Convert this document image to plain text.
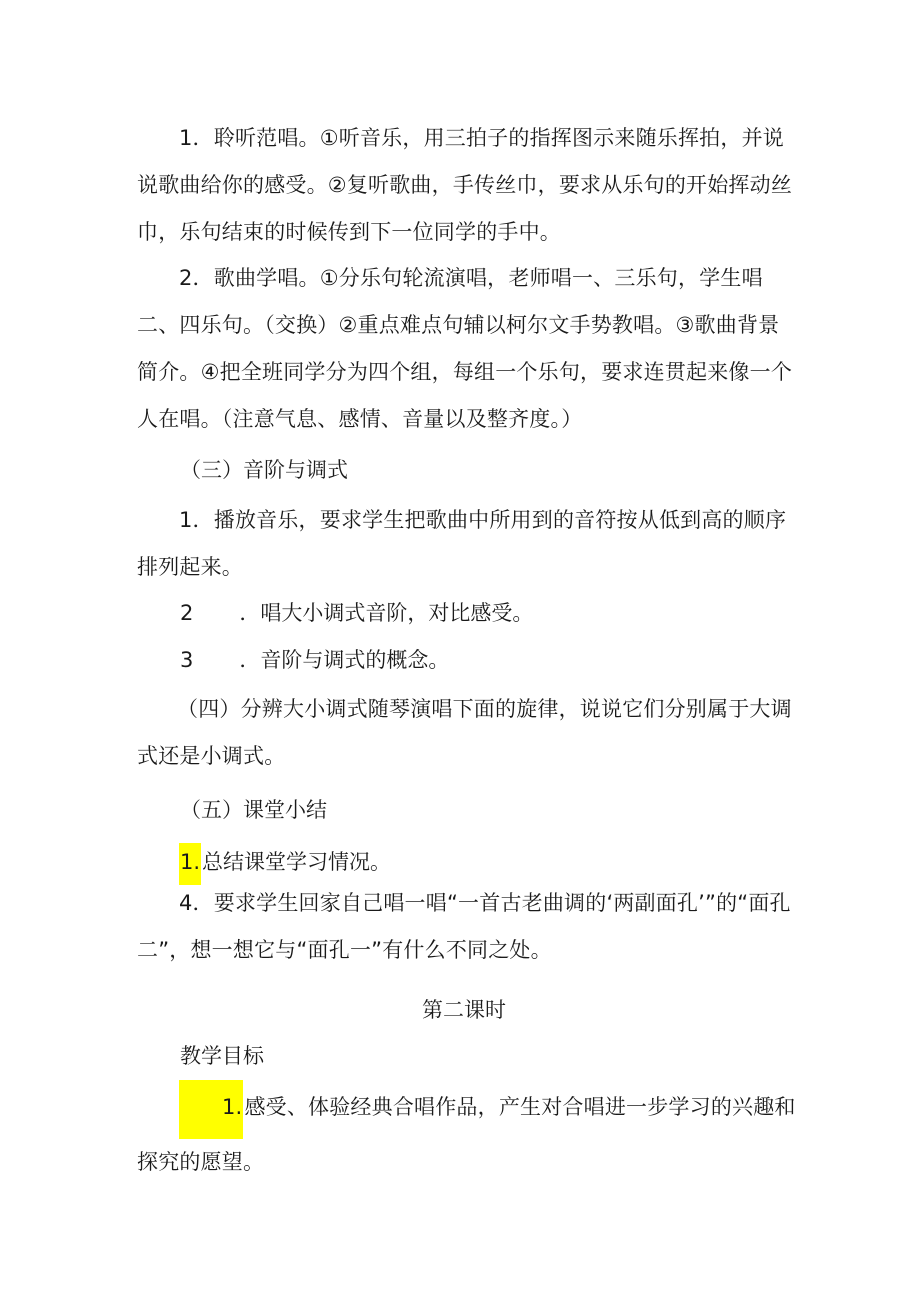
1．聆听范唱。①听音乐，用三拍子的指挥图示来随乐挥拍，并说说歌曲给你的感受。②复听歌曲，手传丝巾，要求从乐句的开始挥动丝巾，乐句结束的时候传到下一位同学的手中。

2．歌曲学唱。①分乐句轮流演唱，老师唱一、三乐句，学生唱二、四乐句。（交换）②重点难点句辅以柯尔文手势教唱。③歌曲背景简介。④把全班同学分为四个组，每组一个乐句，要求连贯起来像一个人在唱。（注意气息、感情、音量以及整齐度。）

（三）音阶与调式

1．播放音乐，要求学生把歌曲中所用到的音符按从低到高的顺序排列起来。

2 ．唱大小调式音阶，对比感受。

3 ．音阶与调式的概念。

（四）分辨大小调式随琴演唱下面的旋律，说说它们分别属于大调式还是小调式。

（五）课堂小结

1.总结课堂学习情况。

4．要求学生回家自己唱一唱“一首古老曲调的‘两副面孔’”的“面孔二”，想一想它与“面孔一”有什么不同之处。

第二课时

教学目标

1.感受、体验经典合唱作品，产生对合唱进一步学习的兴趣和探究的愿望。
